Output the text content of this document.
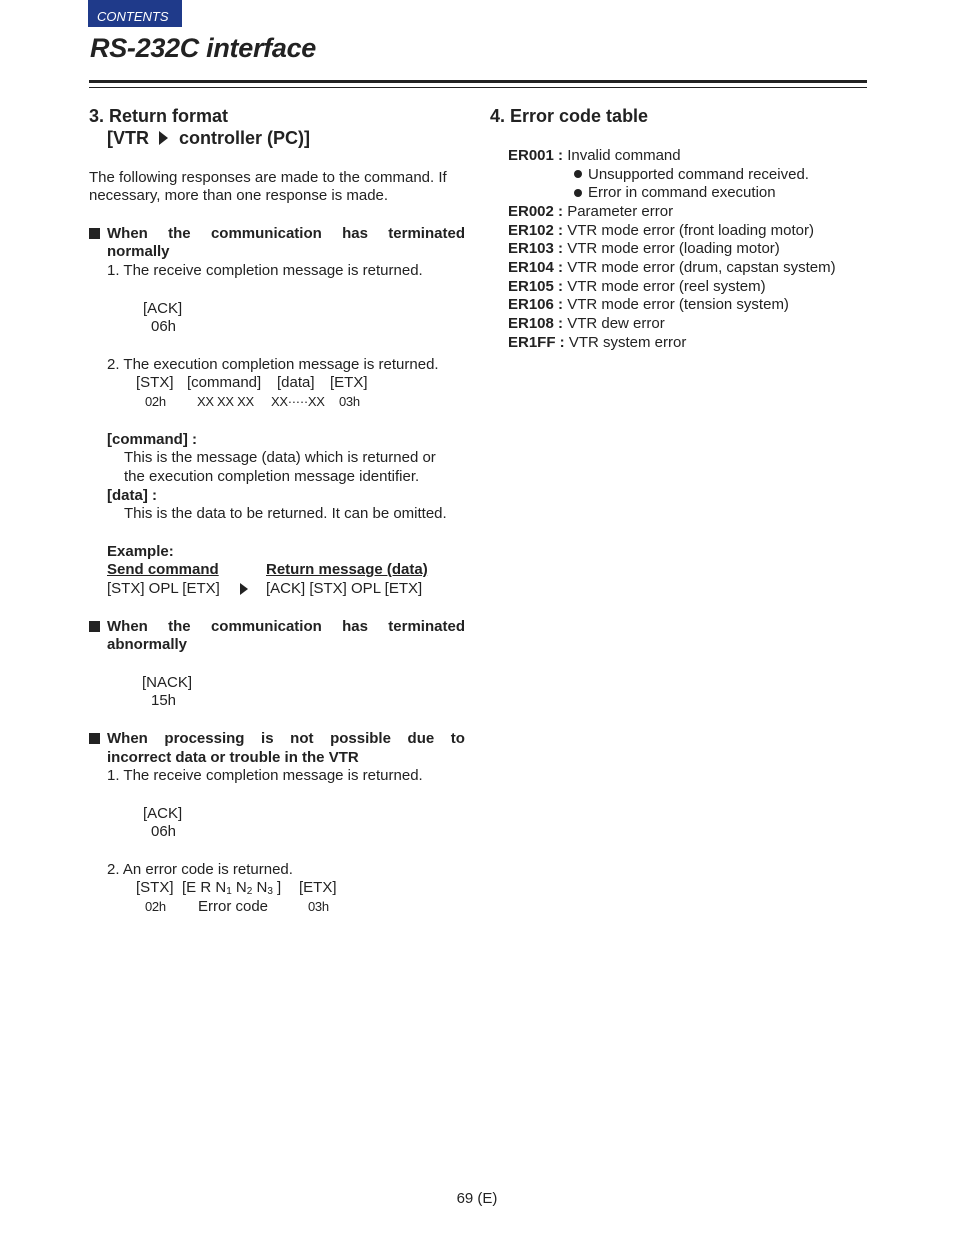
CONTENTS
RS-232C interface
3. Return format
[VTR controller (PC)]
The following responses are made to the command. If
necessary, more than one response is made.
When the communication has terminated
normally
1. The receive completion message is returned.
[ACK]
06h
2. The execution completion message is returned.
[STX] [command] [data] [ETX]
02h XX XX XX XX·····XX 03h
[command] :
This is the message (data) which is returned or
the execution completion message identifier.
[data] :
This is the data to be returned. It can be omitted.
Example:
Send command	Return message (data)
[STX] OPL [ETX]	[ACK] [STX] OPL [ETX]
When the communication has terminated
abnormally
[NACK]
15h
When processing is not possible due to
incorrect data or trouble in the VTR
1. The receive completion message is returned.
[ACK]
06h
2. An error code is returned.
[STX] [E R $N_1$ $N_2$ $N_3$ ] [ETX]
02h Error code	03h
4. Error code table
ER001 : Invalid command
Unsupported command received.
Error in command execution
ER002 : Parameter error
ER102 : VTR mode error (front loading motor)
ER103 : VTR mode error (loading motor)
ER104 : VTR mode error (drum, capstan system)
ER105 : VTR mode error (reel system)
ER106 : VTR mode error (tension system)
ER108 : VTR dew error
ER1FF : VTR system error
69 (E)
